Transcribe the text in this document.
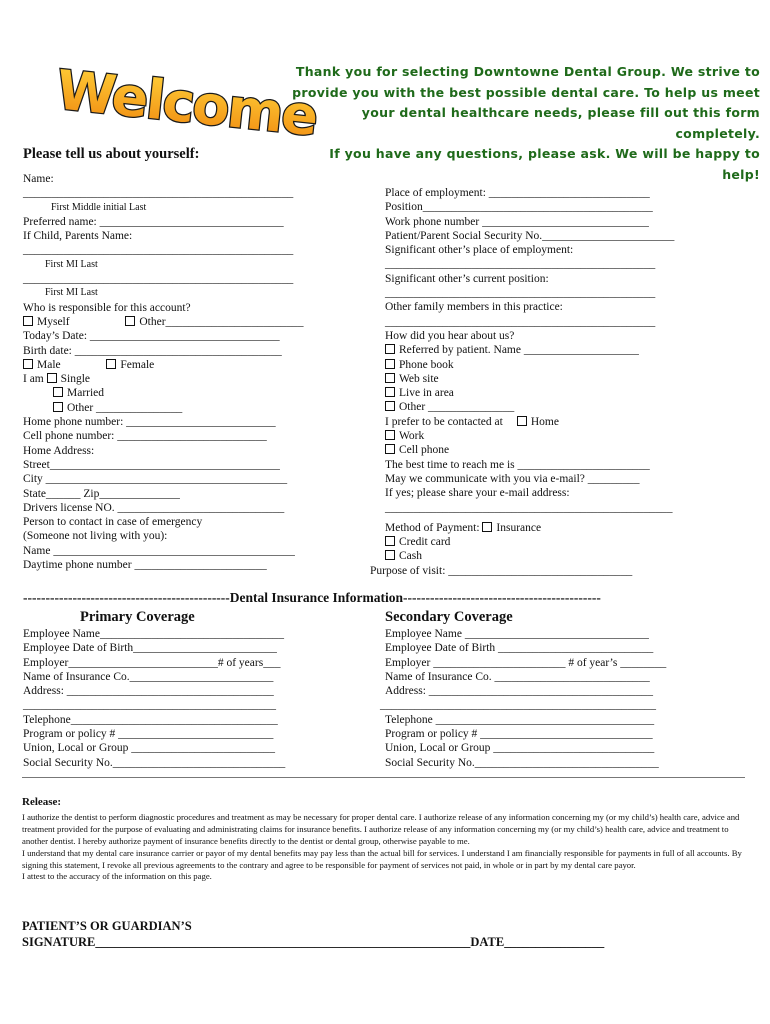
Welcome
Thank you for selecting Downtowne Dental Group. We strive to
provide you with the best possible dental care. To help us meet
your dental healthcare needs, please fill out this form completely.
If you have any questions, please ask. We will be happy to help!
Please tell us about yourself:
Name:
_______________________________________________
First Middle initial Last
Preferred name: ________________________________
If Child, Parents Name:
_______________________________________________
First MI Last
_______________________________________________
First MI Last
Who is responsible for this account?
Myself	Other________________________
Today’s Date: _________________________________
Birth date: ____________________________________
Male	Female
I am Single
Married
Other _______________
Home phone number: __________________________
Cell phone number: __________________________
Home Address:
Street________________________________________
City __________________________________________
State______ Zip______________
Drivers license NO. _____________________________
Person to contact in case of emergency
(Someone not living with you):
Name __________________________________________
Daytime phone number _______________________
Place of employment: ____________________________
Position________________________________________
Work phone number _____________________________
Patient/Parent Social Security No._______________________
Significant other’s place of employment:
_______________________________________________
Significant other’s current position:
_______________________________________________
Other family members in this practice:
_______________________________________________
How did you hear about us?
Referred by patient. Name ____________________
Phone book
Web site
Live in area
Other _______________
I prefer to be contacted at Home
Work
Cell phone
The best time to reach me is _______________________
May we communicate with you via e-mail? _________
If yes; please share your e-mail address:
__________________________________________________
Method of Payment: Insurance
Credit card
Cash
Purpose of visit: ________________________________
----------------------------------------------Dental Insurance Information--------------------------------------------
Primary Coverage	Secondary Coverage
Employee Name________________________________
Employee Date of Birth_________________________
Employer__________________________# of years___
Name of Insurance Co._________________________
Address: ____________________________________
____________________________________________
Telephone____________________________________
Program or policy # ___________________________
Union, Local or Group _________________________
Social Security No.______________________________
Employee Name ________________________________
Employee Date of Birth ___________________________
Employer _______________________ # of year’s ________
Name of Insurance Co. ___________________________
Address: _______________________________________
________________________________________________
Telephone ______________________________________
Program or policy # ______________________________
Union, Local or Group ____________________________
Social Security No.________________________________
Release:
I authorize the dentist to perform diagnostic procedures and treatment as may be necessary for proper dental care. I authorize release of any information concerning my (or my child’s) health care, advice and treatment provided for the purpose of evaluating and administrating claims for insurance benefits. I authorize release of any information concerning my (or my child’s) health care, advice and treatment to another dentist. I hereby authorize payment of insurance benefits directly to the dentist or dental group, otherwise payable to me.
I understand that my dental care insurance carrier or payor of my dental benefits may pay less than the actual bill for services. I understand I am financially responsible for payments in full of all accounts. By signing this statement, I revoke all previous agreements to the contrary and agree to be responsible for payment of services not paid, in whole or in part by my dental care payor.
I attest to the accuracy of the information on this page.
PATIENT’S OR GUARDIAN’S
SIGNATURE____________________________________________________________DATE________________
